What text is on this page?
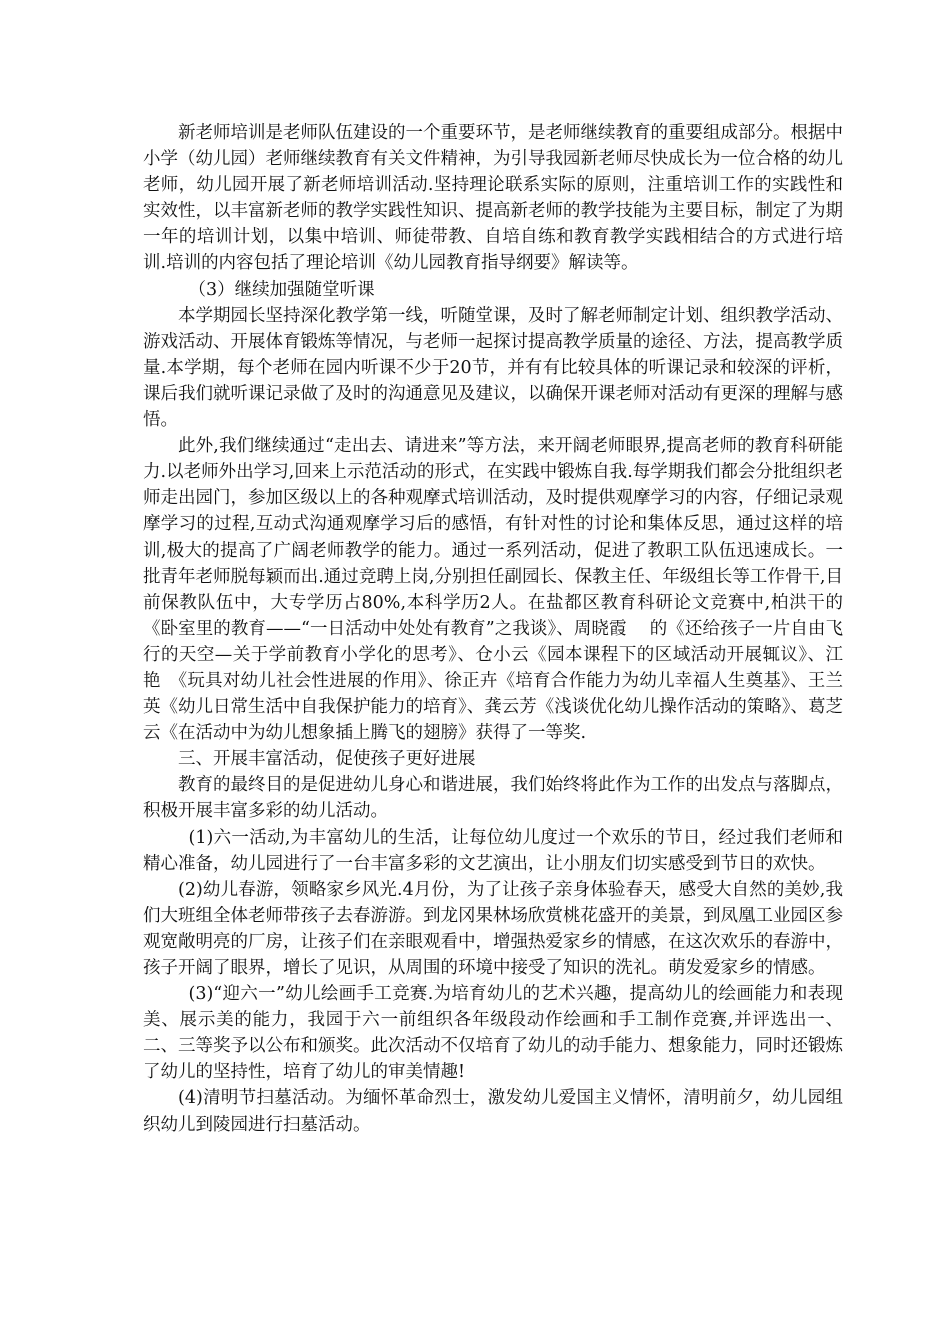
新老师培训是老师队伍建设的一个重要环节，是老师继续教育的重要组成部分。根据中小学（幼儿园）老师继续教育有关文件精神，为引导我园新老师尽快成长为一位合格的幼儿老师，幼儿园开展了新老师培训活动.坚持理论联系实际的原则，注重培训工作的实践性和实效性，以丰富新老师的教学实践性知识、提高新老师的教学技能为主要目标，制定了为期一年的培训计划，以集中培训、师徒带教、自培自练和教育教学实践相结合的方式进行培训.培训的内容包括了理论培训《幼儿园教育指导纲要》解读等。

（3）继续加强随堂听课

本学期园长坚持深化教学第一线，听随堂课，及时了解老师制定计划、组织教学活动、游戏活动、开展体育锻炼等情况，与老师一起探讨提高教学质量的途径、方法，提高教学质量.本学期，每个老师在园内听课不少于20节，并有有比较具体的听课记录和较深的评析，课后我们就听课记录做了及时的沟通意见及建议，以确保开课老师对活动有更深的理解与感悟。

此外,我们继续通过“走出去、请进来”等方法，来开阔老师眼界,提高老师的教育科研能力.以老师外出学习,回来上示范活动的形式，在实践中锻炼自我.每学期我们都会分批组织老师走出园门，参加区级以上的各种观摩式培训活动，及时提供观摩学习的内容，仔细记录观摩学习的过程,互动式沟通观摩学习后的感悟，有针对性的讨论和集体反思，通过这样的培训,极大的提高了广阔老师教学的能力。通过一系列活动，促进了教职工队伍迅速成长。一批青年老师脱每颖而出.通过竞聘上岗,分别担任副园长、保教主任、年级组长等工作骨干,目前保教队伍中，大专学历占80%,本科学历2人。在盐都区教育科研论文竞赛中,柏洪干的《卧室里的教育——“一日活动中处处有教育”之我谈》、周晓霞　 的《还给孩子一片自由飞行的天空—关于学前教育小学化的思考》、仓小云《园本课程下的区域活动开展辄议》、江　 艳　《玩具对幼儿社会性进展的作用》、徐正卉《培育合作能力为幼儿幸福人生奠基》、王兰英《幼儿日常生活中自我保护能力的培育》、龚云芳《浅谈优化幼儿操作活动的策略》、葛芝云《在活动中为幼儿想象插上腾飞的翅膀》获得了一等奖.

三、开展丰富活动，促使孩子更好进展

教育的最终目的是促进幼儿身心和谐进展，我们始终将此作为工作的出发点与落脚点，积极开展丰富多彩的幼儿活动。

(1)六一活动,为丰富幼儿的生活，让每位幼儿度过一个欢乐的节日，经过我们老师和精心准备，幼儿园进行了一台丰富多彩的文艺演出，让小朋友们切实感受到节日的欢快。

(2)幼儿春游，领略家乡风光.4月份，为了让孩子亲身体验春天，感受大自然的美妙,我们大班组全体老师带孩子去春游游。到龙冈果林场欣赏桃花盛开的美景，到凤凰工业园区参观宽敞明亮的厂房，让孩子们在亲眼观看中，增强热爱家乡的情感，在这次欢乐的春游中，孩子开阔了眼界，增长了见识，从周围的环境中接受了知识的洗礼。萌发爱家乡的情感。

(3)“迎六一”幼儿绘画手工竞赛.为培育幼儿的艺术兴趣，提高幼儿的绘画能力和表现美、展示美的能力，我园于六一前组织各年级段动作绘画和手工制作竞赛,并评选出一、二、三等奖予以公布和颁奖。此次活动不仅培育了幼儿的动手能力、想象能力，同时还锻炼了幼儿的坚持性，培育了幼儿的审美情趣!

(4)清明节扫墓活动。为缅怀革命烈士，激发幼儿爱国主义情怀，清明前夕，幼儿园组织幼儿到陵园进行扫墓活动。
